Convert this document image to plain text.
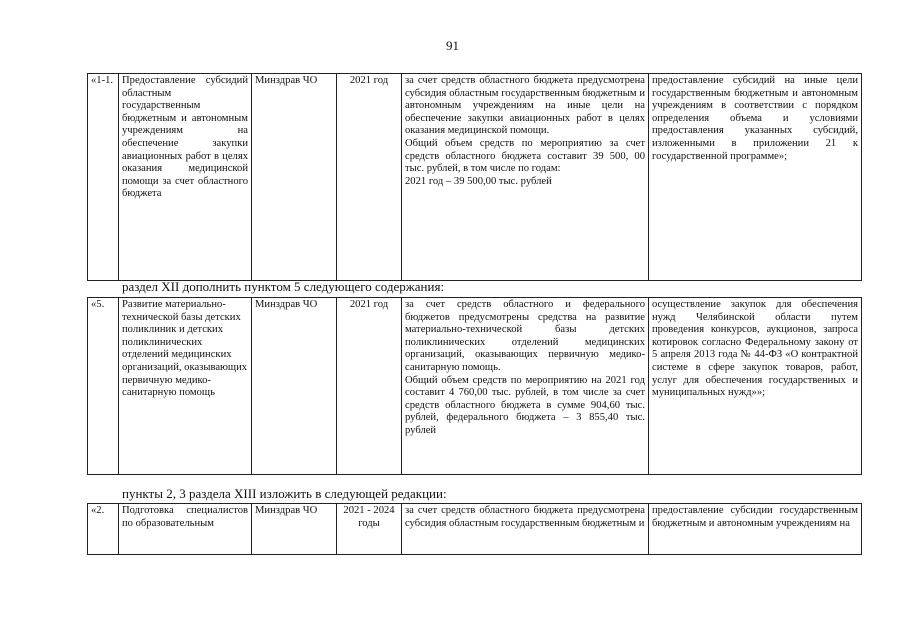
91
«1-1.	Предоставление субсидий областным государственным бюджетным и автономным учреждениям на обеспечение закупки авиационных работ в целях оказания медицинской помощи за счет областного бюджета	Минздрав ЧО	2021 год	за счет средств областного бюджета предусмотрена субсидия областным государственным бюджетным и автономным учреждениям на иные цели на обеспечение закупки авиационных работ в целях оказания медицинской помощи.
Общий объем средств по мероприятию за счет средств областного бюджета составит 39 500, 00 тыс. рублей, в том числе по годам:
2021 год – 39 500,00 тыс. рублей
	предоставление субсидий на иные цели государственным бюджетным и автономным учреждениям в соответствии с порядком определения объема и условиями предоставления указанных субсидий, изложенными в приложении 21 к государственной программе»;
раздел XII дополнить пунктом 5 следующего содержания:
«5.	Развитие материально-технической базы детских поликлиник и детских поликлинических отделений медицинских организаций, оказывающих первичную медико-санитарную помощь	Минздрав ЧО	2021 год	за счет средств областного и федерального бюджетов предусмотрены средства на развитие материально-технической базы детских поликлинических отделений медицинских организаций, оказывающих первичную медико-санитарную помощь.
Общий объем средств по мероприятию на 2021 год составит 4 760,00 тыс. рублей, в том числе за счет средств областного бюджета в сумме 904,60 тыс. рублей, федерального бюджета – 3 855,40 тыс. рублей
	осуществление закупок для обеспечения нужд Челябинской области путем проведения конкурсов, аукционов, запроса котировок согласно Федеральному закону от 5 апреля 2013 года № 44-ФЗ «О контрактной системе в сфере закупок товаров, работ, услуг для обеспечения государственных и муниципальных нужд»»;
пункты 2, 3 раздела XIII изложить в следующей редакции:
«2.	Подготовка специалистов по образовательным	Минздрав ЧО	2021 - 2024 годы	
за счет средств областного бюджета предусмотрена субсидия областным государственным бюджетным и
	предоставление субсидии государственным бюджетным и автономным учреждениям на
